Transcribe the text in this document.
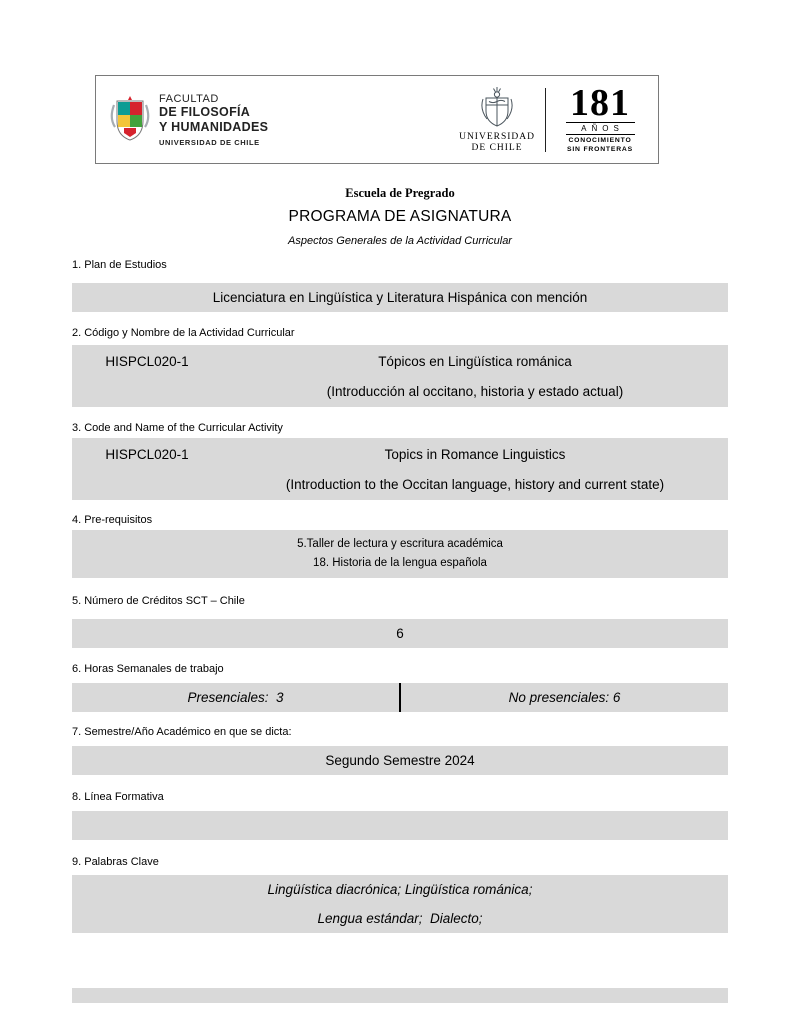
FACULTAD
DE FILOSOFÍA
Y HUMANIDADES
UNIVERSIDAD DE CHILE
UNIVERSIDAD
DE CHILE
181
AÑOS
CONOCIMIENTO
SIN FRONTERAS
Escuela de Pregrado
PROGRAMA DE ASIGNATURA
Aspectos Generales de la Actividad Curricular
1. Plan de Estudios
Licenciatura en Lingüística y Literatura Hispánica con mención
2. Código y Nombre de la Actividad Curricular
HISPCL020-1	Tópicos en Lingüística románica
(Introducción al occitano, historia y estado actual)
3. Code and Name of the Curricular Activity
HISPCL020-1	Topics in Romance Linguistics
(Introduction to the Occitan language, history and current state)
4. Pre-requisitos
5.Taller de lectura y escritura académica
18. Historia de la lengua española
5. Número de Créditos SCT – Chile
6
6. Horas Semanales de trabajo
Presenciales:  3	No presenciales: 6
7. Semestre/Año Académico en que se dicta:
Segundo Semestre 2024
8. Línea Formativa
9. Palabras Clave
Lingüística diacrónica; Lingüística románica;
Lengua estándar;  Dialecto;
